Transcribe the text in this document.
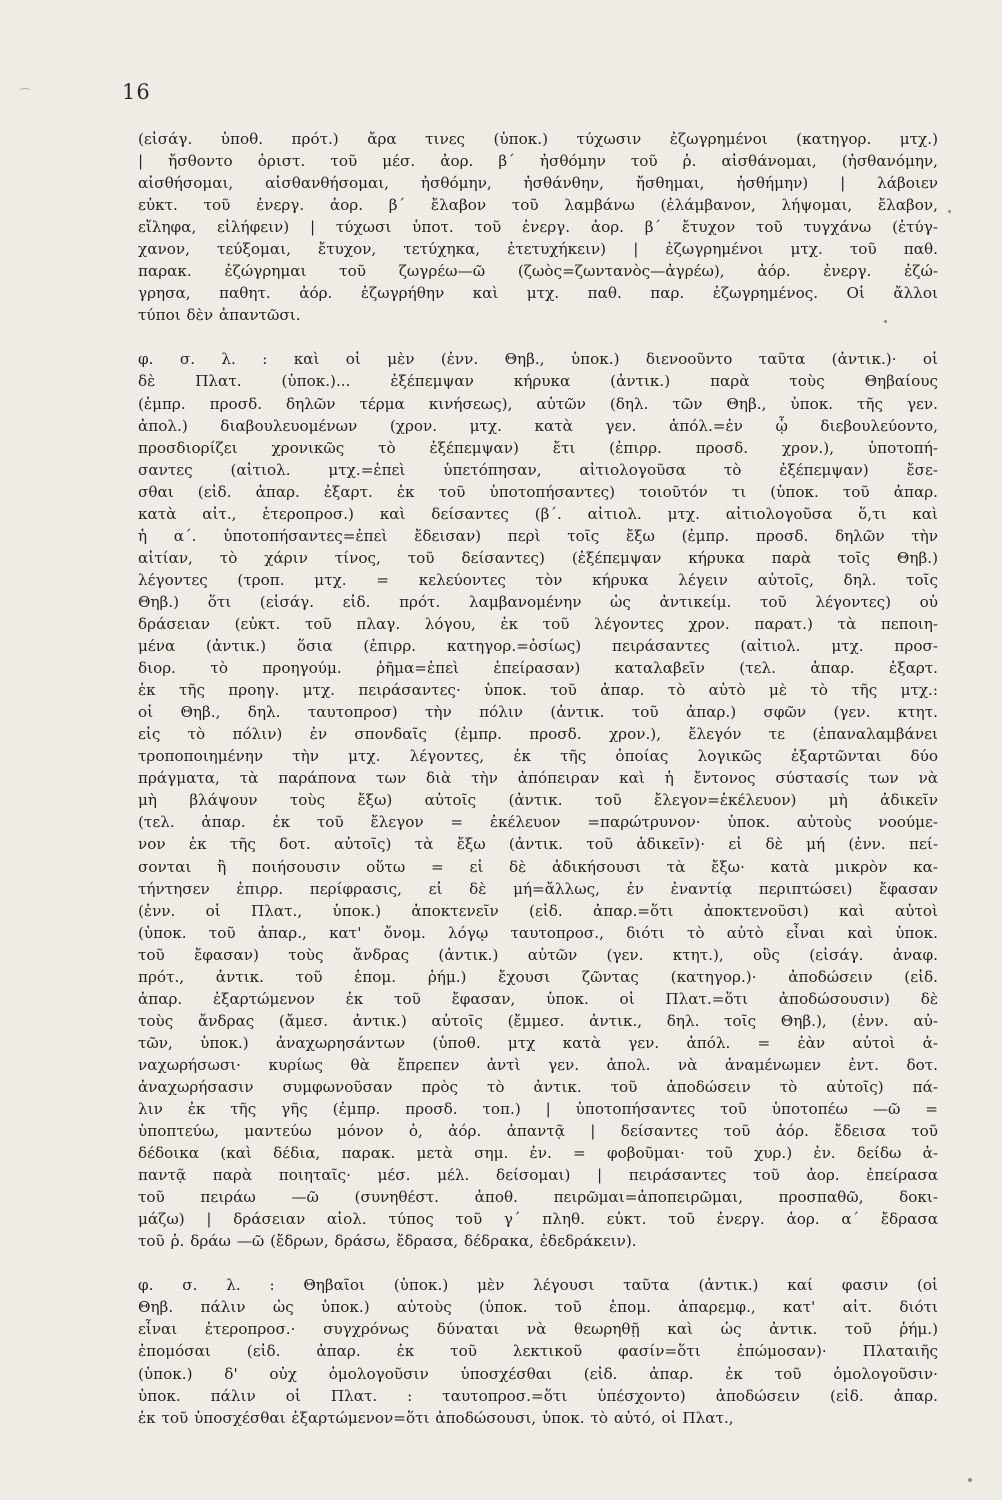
⁀	16
(εἰσάγ. ὑποθ. πρότ.) ἄρα τινες (ὑποκ.) τύχωσιν ἐζωγρημένοι (κατηγορ. μτχ.)
| ἤσθοντο ὁριστ. τοῦ μέσ. ἀορ. β΄ ἠσθόμην τοῦ ῥ. αἰσθάνομαι, (ἠσθανόμην,
αἰσθήσομαι, αἰσθανθήσομαι, ἠσθόμην, ἠσθάνθην, ἤσθημαι, ἠσθήμην) | λάβοιεν
εὐκτ. τοῦ ἐνεργ. ἀορ. β΄ ἔλαβον τοῦ λαμβάνω (ἐλάμβανον, λήψομαι, ἔλαβον,
εἴληφα, εἰλήφειν) | τύχωσι ὑποτ. τοῦ ἐνεργ. ἀορ. β΄ ἔτυχον τοῦ τυγχάνω (ἐτύγ-
χανον, τεύξομαι, ἔτυχον, τετύχηκα, ἐτετυχήκειν) | ἐζωγρημένοι μτχ. τοῦ παθ.
παρακ. ἐζώγρημαι τοῦ ζωγρέω—ῶ (ζωὸς=ζωντανὸς—ἀγρέω), ἀόρ. ἐνεργ. ἐζώ-
γρησα, παθητ. ἀόρ. ἐζωγρήθην καὶ μτχ. παθ. παρ. ἐζωγρημένος. Οἱ ἄλλοι
τύποι δὲν ἀπαντῶσι.
φ. σ. λ. : καὶ οἱ μὲν (ἐνν. Θηβ., ὑποκ.) διενοοῦντο ταῦτα (ἀντικ.)· οἱ
δὲ Πλατ. (ὑποκ.)... ἐξέπεμψαν κήρυκα (ἀντικ.) παρὰ τοὺς Θηβαίους
(ἐμπρ. προσδ. δηλῶν τέρμα κινήσεως), αὐτῶν (δηλ. τῶν Θηβ., ὑποκ. τῆς γεν.
ἀπολ.) διαβουλευομένων (χρον. μτχ. κατὰ γεν. ἀπόλ.=ἐν ᾧ διεβουλεύοντο,
προσδιορίζει χρονικῶς τὸ ἐξέπεμψαν) ἔτι (ἐπιρρ. προσδ. χρον.), ὑποτοπή-
σαντες (αἰτιολ. μτχ.=ἐπεὶ ὑπετόπησαν, αἰτιολογοῦσα τὸ ἐξέπεμψαν) ἔσε-
σθαι (εἰδ. ἀπαρ. ἐξαρτ. ἐκ τοῦ ὑποτοπήσαντες) τοιοῦτόν τι (ὑποκ. τοῦ ἀπαρ.
κατὰ αἰτ., ἑτεροπροσ.) καὶ δείσαντες (β΄. αἰτιολ. μτχ. αἰτιολογοῦσα ὅ,τι καὶ
ἡ α΄. ὑποτοπήσαντες=ἐπεὶ ἔδεισαν) περὶ τοῖς ἔξω (ἐμπρ. προσδ. δηλῶν τὴν
αἰτίαν, τὸ χάριν τίνος, τοῦ δείσαντες) (ἐξέπεμψαν κήρυκα παρὰ τοῖς Θηβ.)
λέγοντες (τροπ. μτχ. = κελεύοντες τὸν κήρυκα λέγειν αὐτοῖς, δηλ. τοῖς
Θηβ.) ὅτι (εἰσάγ. εἰδ. πρότ. λαμβανομένην ὡς ἀντικείμ. τοῦ λέγοντες) οὐ
δράσειαν (εὐκτ. τοῦ πλαγ. λόγου, ἐκ τοῦ λέγοντες χρον. παρατ.) τὰ πεποιη-
μένα (ἀντικ.) ὅσια (ἐπιρρ. κατηγορ.=ὁσίως) πειράσαντες (αἰτιολ. μτχ. προσ-
διορ. τὸ προηγούμ. ῥῆμα=ἐπεὶ ἐπείρασαν) καταλαβεῖν (τελ. ἀπαρ. ἐξαρτ.
ἐκ τῆς προηγ. μτχ. πειράσαντες· ὑποκ. τοῦ ἀπαρ. τὸ αὐτὸ μὲ τὸ τῆς μτχ.:
οἱ Θηβ., δηλ. ταυτοπροσ) τὴν πόλιν (ἀντικ. τοῦ ἀπαρ.) σφῶν (γεν. κτητ.
εἰς τὸ πόλιν) ἐν σπονδαῖς (ἐμπρ. προσδ. χρον.), ἔλεγόν τε (ἐπαναλαμβάνει
τροποποιημένην τὴν μτχ. λέγοντες, ἐκ τῆς ὁποίας λογικῶς ἐξαρτῶνται δύο
πράγματα, τὰ παράπονα των διὰ τὴν ἀπόπειραν καὶ ἡ ἔντονος σύστασίς των νὰ
μὴ βλάψουν τοὺς ἔξω) αὐτοῖς (ἀντικ. τοῦ ἔλεγον=ἐκέλευον) μὴ ἀδικεῖν
(τελ. ἀπαρ. ἐκ τοῦ ἔλεγον = ἐκέλευον =παρώτρυνον· ὑποκ. αὐτοὺς νοούμε-
νον ἐκ τῆς δοτ. αὐτοῖς) τὰ ἔξω (ἀντικ. τοῦ ἀδικεῖν)· εἰ δὲ μή (ἐνν. πεί-
σονται ἢ ποιήσουσιν οὕτω = εἰ δὲ ἀδικήσουσι τὰ ἔξω· κατὰ μικρὸν κα-
τήντησεν ἐπιρρ. περίφρασις, εἰ δὲ μή=ἄλλως, ἐν ἐναντίᾳ περιπτώσει) ἔφασαν
(ἐνν. οἱ Πλατ., ὑποκ.) ἀποκτενεῖν (εἰδ. ἀπαρ.=ὅτι ἀποκτενοῦσι) καὶ αὐτοὶ
(ὑποκ. τοῦ ἀπαρ., κατ' ὄνομ. λόγῳ ταυτοπροσ., διότι τὸ αὐτὸ εἶναι καὶ ὑποκ.
τοῦ ἔφασαν) τοὺς ἄνδρας (ἀντικ.) αὐτῶν (γεν. κτητ.), οὓς (εἰσάγ. ἀναφ.
πρότ., ἀντικ. τοῦ ἑπομ. ῥήμ.) ἔχουσι ζῶντας (κατηγορ.)· ἀποδώσειν (εἰδ.
ἀπαρ. ἐξαρτώμενον ἐκ τοῦ ἔφασαν, ὑποκ. οἱ Πλατ.=ὅτι ἀποδώσουσιν) δὲ
τοὺς ἄνδρας (ἄμεσ. ἀντικ.) αὐτοῖς (ἔμμεσ. ἀντικ., δηλ. τοῖς Θηβ.), (ἐνν. αὐ-
τῶν, ὑποκ.) ἀναχωρησάντων (ὑποθ. μτχ κατὰ γεν. ἀπόλ. = ἐὰν αὐτοὶ ἀ-
ναχωρήσωσι· κυρίως θὰ ἔπρεπεν ἀντὶ γεν. ἀπολ. νὰ ἀναμένωμεν ἐντ. δοτ.
ἀναχωρήσασιν συμφωνοῦσαν πρὸς τὸ ἀντικ. τοῦ ἀποδώσειν τὸ αὐτοῖς) πά-
λιν ἐκ τῆς γῆς (ἐμπρ. προσδ. τοπ.) | ὑποτοπήσαντες τοῦ ὑποτοπέω —ῶ =
ὑποπτεύω, μαντεύω μόνον ὁ, ἀόρ. ἀπαντᾷ | δείσαντες τοῦ ἀόρ. ἔδεισα τοῦ
δέδοικα (καὶ δέδια, παρακ. μετὰ σημ. ἐν. = φοβοῦμαι· τοῦ χυρ.) ἐν. δείδω ἀ-
παντᾷ παρὰ ποιηταῖς· μέσ. μέλ. δείσομαι) | πειράσαντες τοῦ ἀορ. ἐπείρασα
τοῦ πειράω —ῶ (συνηθέστ. ἀποθ. πειρῶμαι=ἀποπειρῶμαι, προσπαθῶ, δοκι-
μάζω) | δράσειαν αἰολ. τύπος τοῦ γ΄ πληθ. εὐκτ. τοῦ ἐνεργ. ἀορ. α΄ ἔδρασα
τοῦ ῥ. δράω —ῶ (ἔδρων, δράσω, ἔδρασα, δέδρακα, ἐδεδράκειν).
φ. σ. λ. : Θηβαῖοι (ὑποκ.) μὲν λέγουσι ταῦτα (ἀντικ.) καί φασιν (οἱ
Θηβ. πάλιν ὡς ὑποκ.) αὐτοὺς (ὑποκ. τοῦ ἑπομ. ἀπαρεμφ., κατ' αἰτ. διότι
εἶναι ἑτεροπροσ.· συγχρόνως δύναται νὰ θεωρηθῇ καὶ ὡς ἀντικ. τοῦ ῥήμ.)
ἐπομόσαι (εἰδ. ἀπαρ. ἐκ τοῦ λεκτικοῦ φασίν=ὅτι ἐπώμοσαν)· Πλαταιῆς
(ὑποκ.) δ' οὐχ ὁμολογοῦσιν ὑποσχέσθαι (εἰδ. ἀπαρ. ἐκ τοῦ ὁμολογοῦσιν·
ὑποκ. πάλιν οἱ Πλατ. : ταυτοπροσ.=ὅτι ὑπέσχοντο) ἀποδώσειν (εἰδ. ἀπαρ.
ἐκ τοῦ ὑποσχέσθαι ἐξαρτώμενον=ὅτι ἀποδώσουσι, ὑποκ. τὸ αὐτό, οἱ Πλατ.,
